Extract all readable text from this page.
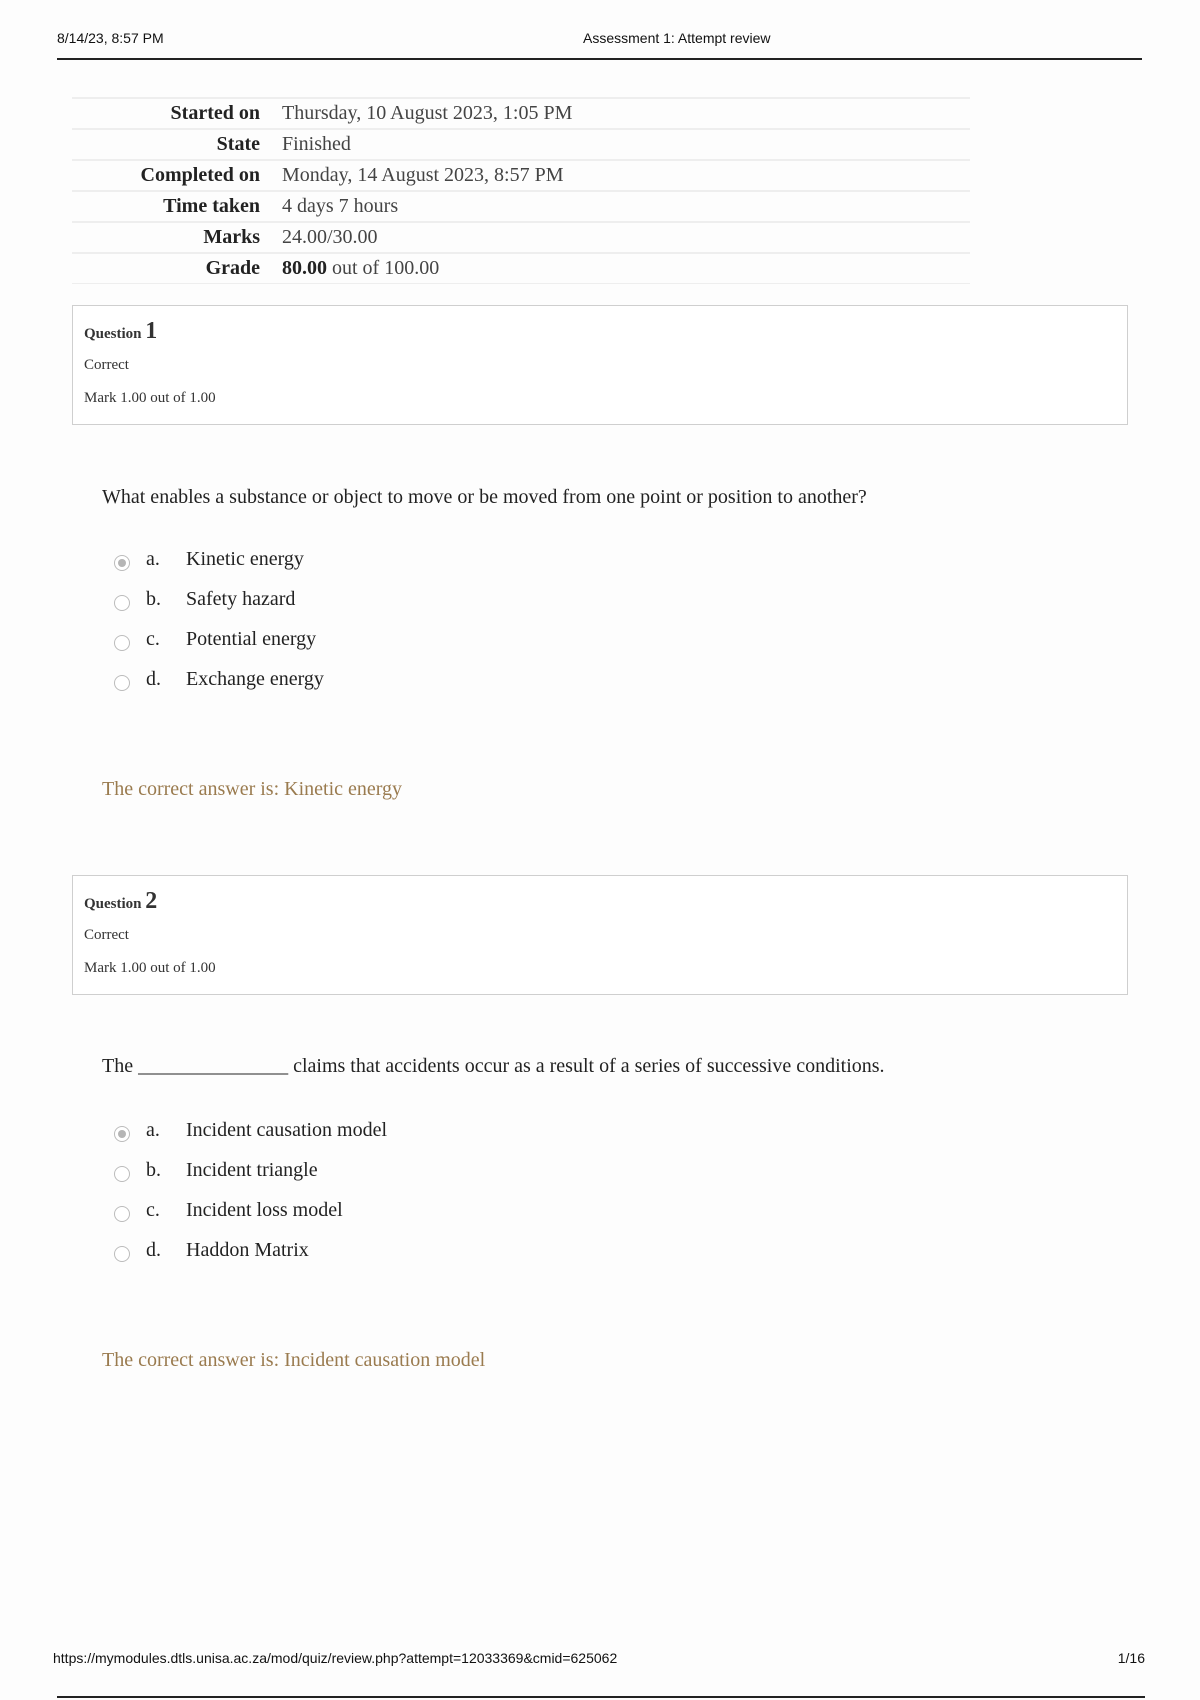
8/14/23, 8:57 PM	Assessment 1: Attempt review
Started on	Thursday, 10 August 2023, 1:05 PM
State	Finished
Completed on	Monday, 14 August 2023, 8:57 PM
Time taken	4 days 7 hours
Marks	24.00/30.00
Grade	80.00 out of 100.00
Question 1
Correct
Mark 1.00 out of 1.00
What enables a substance or object to move or be moved from one point or position to another?
a. Kinetic energy
b. Safety hazard
c. Potential energy
d. Exchange energy
The correct answer is: Kinetic energy
Question 2
Correct
Mark 1.00 out of 1.00
The _______________ claims that accidents occur as a result of a series of successive conditions.
a. Incident causation model
b. Incident triangle
c. Incident loss model
d. Haddon Matrix
The correct answer is: Incident causation model
https://mymodules.dtls.unisa.ac.za/mod/quiz/review.php?attempt=12033369&cmid=625062	1/16
